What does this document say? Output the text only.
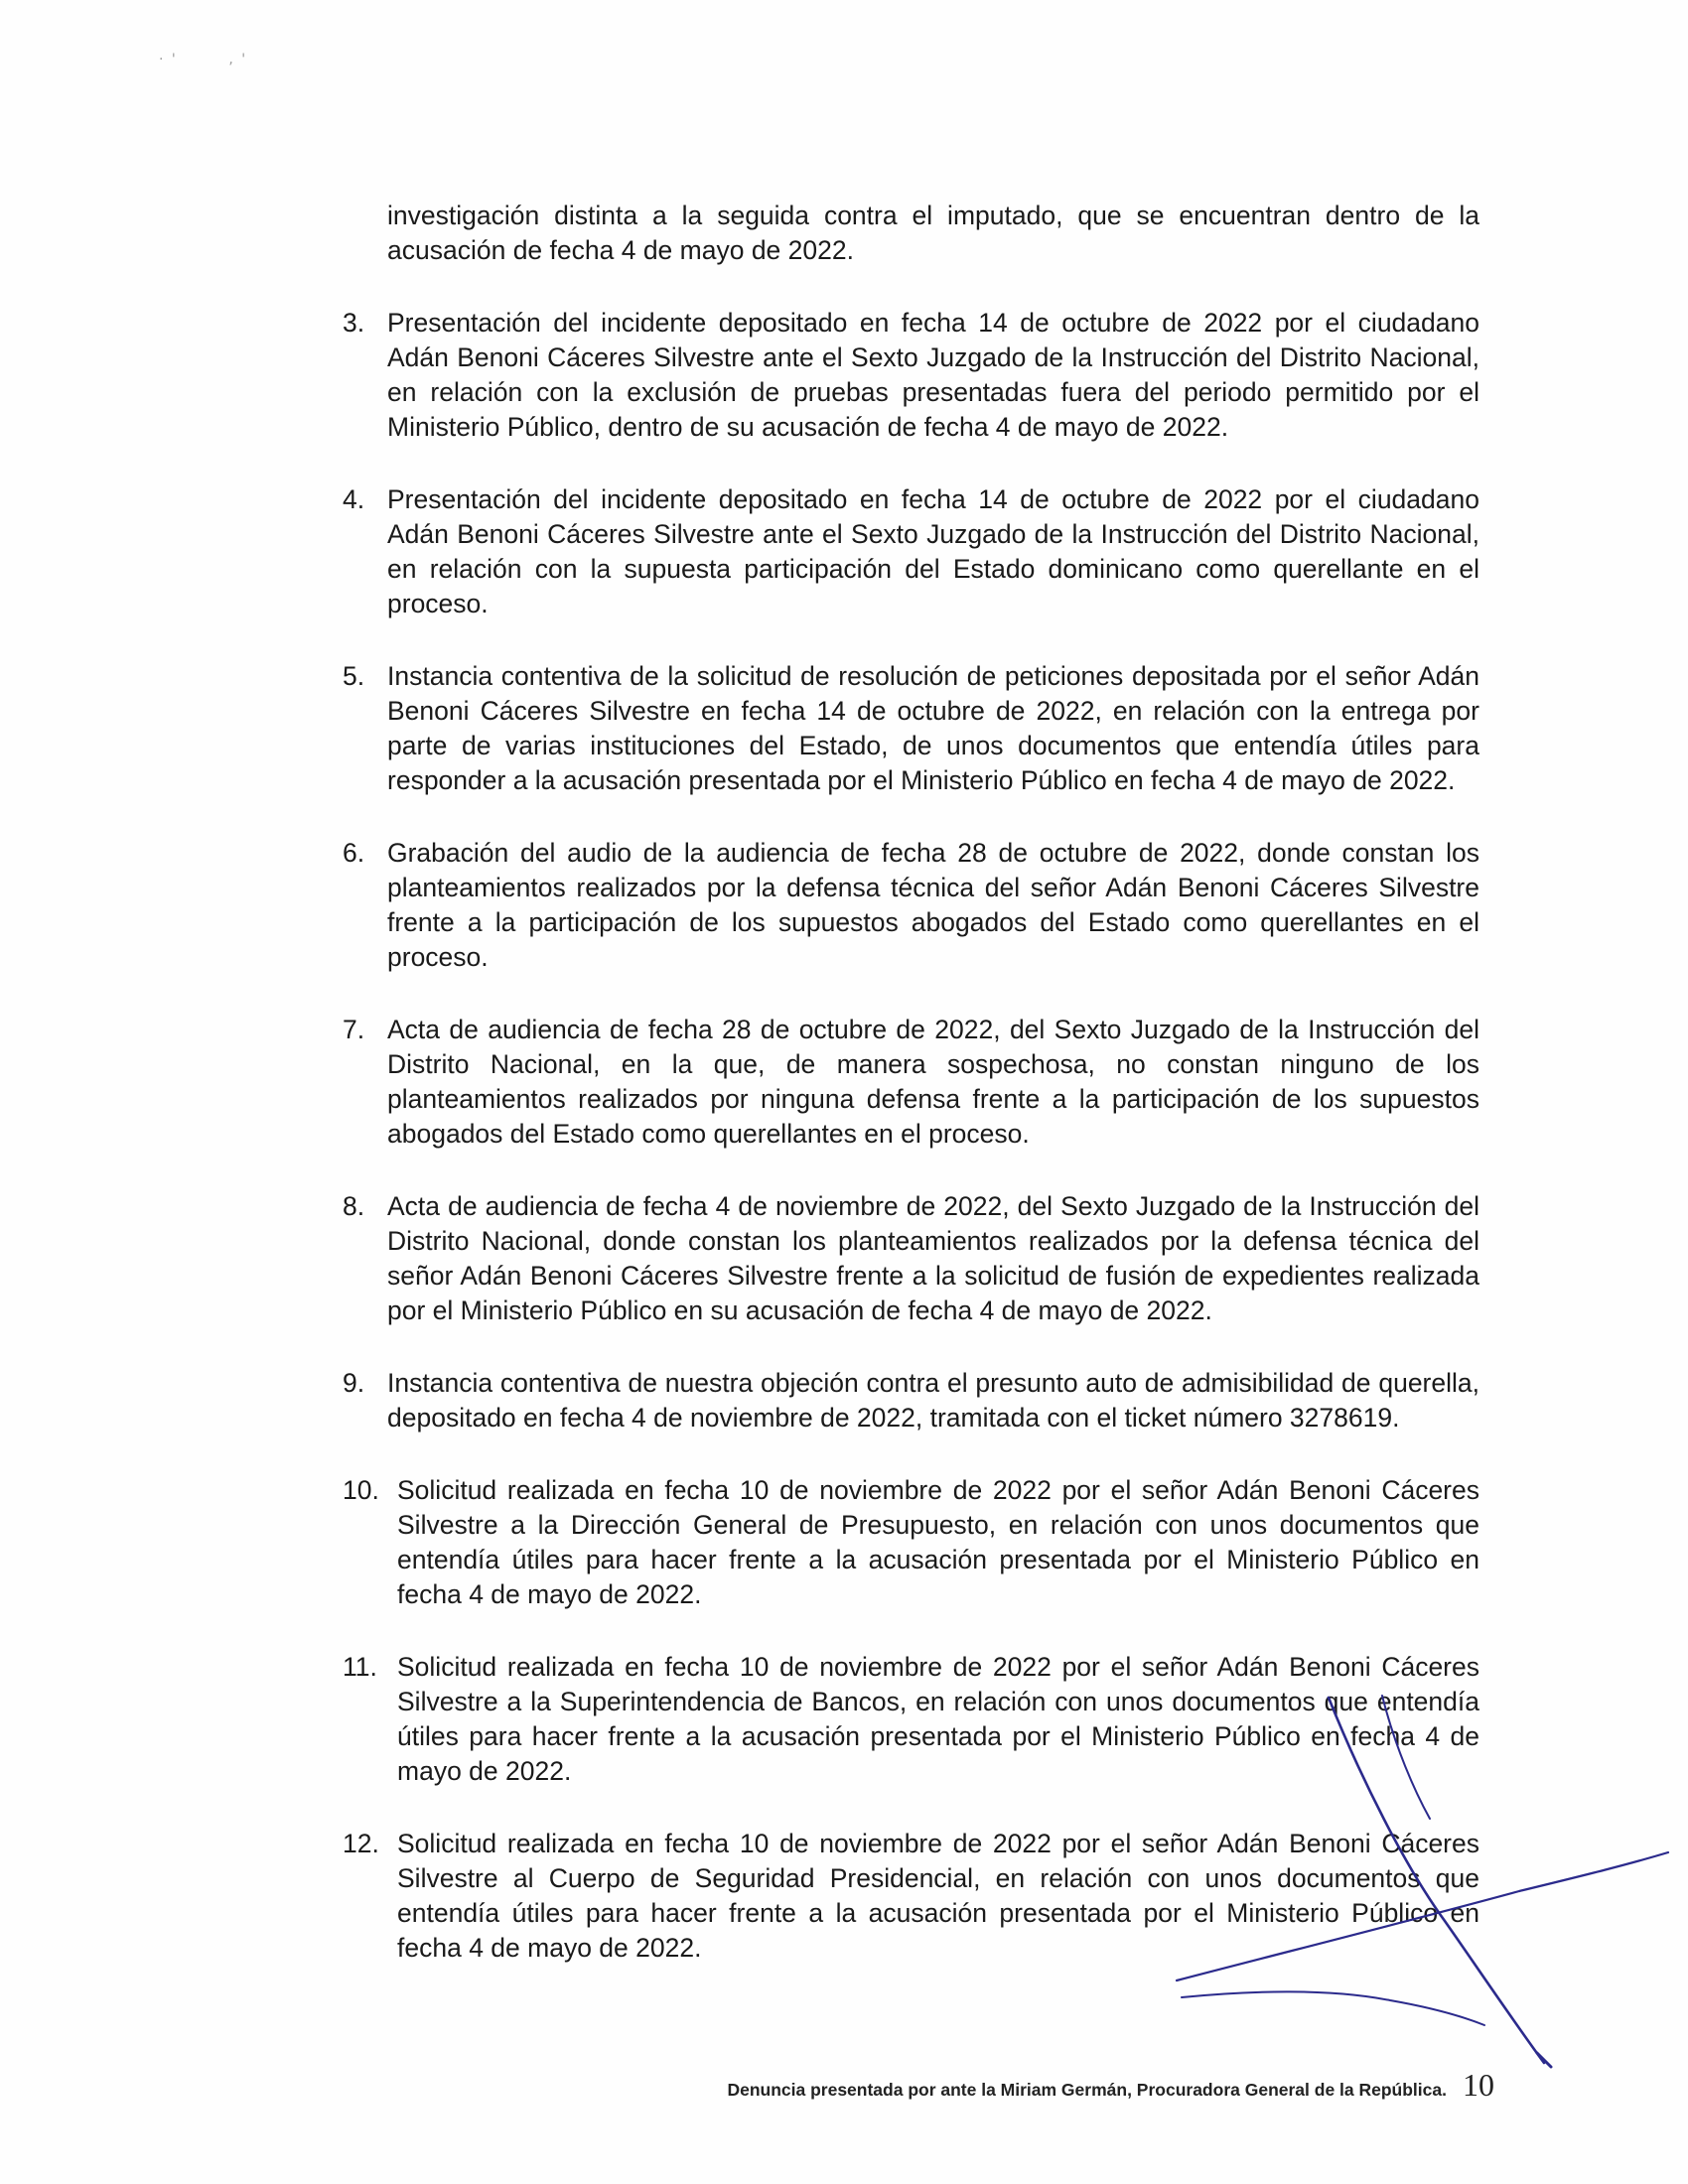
· '        , '

investigación distinta a la seguida contra el imputado, que se encuentran dentro de la acusación de fecha 4 de mayo de 2022.

3. Presentación del incidente depositado en fecha 14 de octubre de 2022 por el ciudadano Adán Benoni Cáceres Silvestre ante el Sexto Juzgado de la Instrucción del Distrito Nacional, en relación con la exclusión de pruebas presentadas fuera del periodo permitido por el Ministerio Público, dentro de su acusación de fecha 4 de mayo de 2022.

4. Presentación del incidente depositado en fecha 14 de octubre de 2022 por el ciudadano Adán Benoni Cáceres Silvestre ante el Sexto Juzgado de la Instrucción del Distrito Nacional, en relación con la supuesta participación del Estado dominicano como querellante en el proceso.

5. Instancia contentiva de la solicitud de resolución de peticiones depositada por el señor Adán Benoni Cáceres Silvestre en fecha 14 de octubre de 2022, en relación con la entrega por parte de varias instituciones del Estado, de unos documentos que entendía útiles para responder a la acusación presentada por el Ministerio Público en fecha 4 de mayo de 2022.

6. Grabación del audio de la audiencia de fecha 28 de octubre de 2022, donde constan los planteamientos realizados por la defensa técnica del señor Adán Benoni Cáceres Silvestre frente a la participación de los supuestos abogados del Estado como querellantes en el proceso.

7. Acta de audiencia de fecha 28 de octubre de 2022, del Sexto Juzgado de la Instrucción del Distrito Nacional, en la que, de manera sospechosa, no constan ninguno de los planteamientos realizados por ninguna defensa frente a la participación de los supuestos abogados del Estado como querellantes en el proceso.

8. Acta de audiencia de fecha 4 de noviembre de 2022, del Sexto Juzgado de la Instrucción del Distrito Nacional, donde constan los planteamientos realizados por la defensa técnica del señor Adán Benoni Cáceres Silvestre frente a la solicitud de fusión de expedientes realizada por el Ministerio Público en su acusación de fecha 4 de mayo de 2022.

9. Instancia contentiva de nuestra objeción contra el presunto auto de admisibilidad de querella, depositado en fecha 4 de noviembre de 2022, tramitada con el ticket número 3278619.

10. Solicitud realizada en fecha 10 de noviembre de 2022 por el señor Adán Benoni Cáceres Silvestre a la Dirección General de Presupuesto, en relación con unos documentos que entendía útiles para hacer frente a la acusación presentada por el Ministerio Público en fecha 4 de mayo de 2022.

11. Solicitud realizada en fecha 10 de noviembre de 2022 por el señor Adán Benoni Cáceres Silvestre a la Superintendencia de Bancos, en relación con unos documentos que entendía útiles para hacer frente a la acusación presentada por el Ministerio Público en fecha 4 de mayo de 2022.

12. Solicitud realizada en fecha 10 de noviembre de 2022 por el señor Adán Benoni Cáceres Silvestre al Cuerpo de Seguridad Presidencial, en relación con unos documentos que entendía útiles para hacer frente a la acusación presentada por el Ministerio Público en fecha 4 de mayo de 2022.

Denuncia presentada por ante la Miriam Germán, Procuradora General de la República. 10
